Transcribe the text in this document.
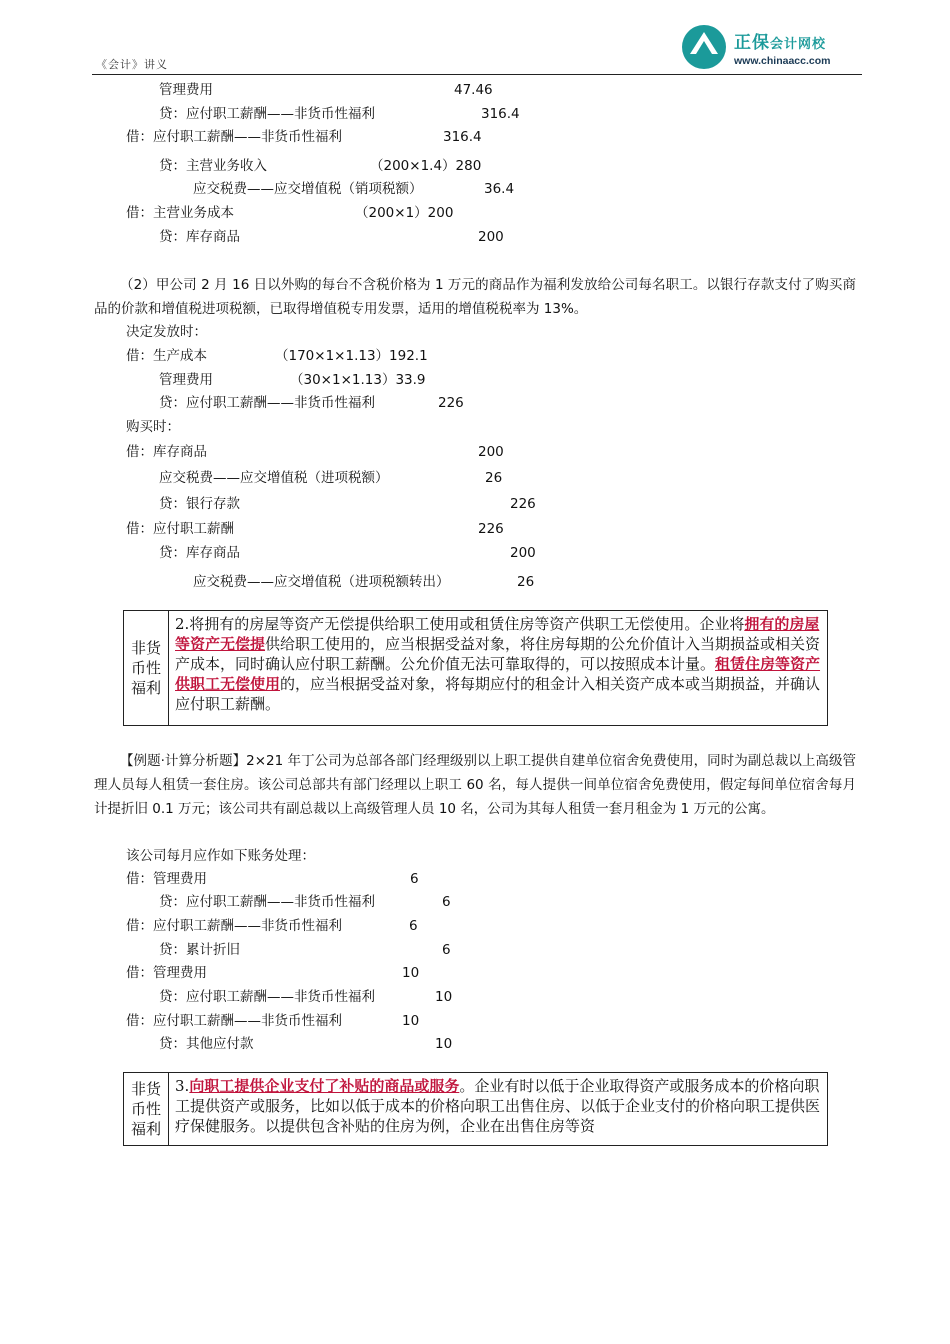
《会计》讲义
正保会计网校
www.chinaacc.com
管理费用	47.46
贷：应付职工薪酬——非货币性福利	316.4
借：应付职工薪酬——非货币性福利	316.4
贷：主营业务收入	（200×1.4）280
应交税费——应交增值税（销项税额）	36.4
借：主营业务成本	（200×1）200
贷：库存商品	200
（2）甲公司 2 月 16 日以外购的每台不含税价格为 1 万元的商品作为福利发放给公司每名职工。以银行存款支付了购买商品的价款和增值税进项税额，已取得增值税专用发票，适用的增值税税率为 13%。
决定发放时：
借：生产成本	（170×1×1.13）192.1
管理费用	（30×1×1.13）33.9
贷：应付职工薪酬——非货币性福利	226
购买时：
借：库存商品	200
应交税费——应交增值税（进项税额）	26
贷：银行存款	226
借：应付职工薪酬	226
贷：库存商品	200
应交税费——应交增值税（进项税额转出）	26
非货币性福利	2.将拥有的房屋等资产无偿提供给职工使用或租赁住房等资产供职工无偿使用。企业将拥有的房屋等资产无偿提供给职工使用的，应当根据受益对象，将住房每期的公允价值计入当期损益或相关资产成本，同时确认应付职工薪酬。公允价值无法可靠取得的，可以按照成本计量。租赁住房等资产供职工无偿使用的，应当根据受益对象，将每期应付的租金计入相关资产成本或当期损益，并确认应付职工薪酬。
【例题·计算分析题】2×21 年丁公司为总部各部门经理级别以上职工提供自建单位宿舍免费使用，同时为副总裁以上高级管理人员每人租赁一套住房。该公司总部共有部门经理以上职工 60 名，每人提供一间单位宿舍免费使用，假定每间单位宿舍每月计提折旧 0.1 万元；该公司共有副总裁以上高级管理人员 10 名，公司为其每人租赁一套月租金为 1 万元的公寓。
该公司每月应作如下账务处理：
借：管理费用	6
贷：应付职工薪酬——非货币性福利	6
借：应付职工薪酬——非货币性福利	6
贷：累计折旧	6
借：管理费用	10
贷：应付职工薪酬——非货币性福利	10
借：应付职工薪酬——非货币性福利	10
贷：其他应付款	10
非货币性福利	3.向职工提供企业支付了补贴的商品或服务。企业有时以低于企业取得资产或服务成本的价格向职工提供资产或服务，比如以低于成本的价格向职工出售住房、以低于企业支付的价格向职工提供医疗保健服务。以提供包含补贴的住房为例，企业在出售住房等资
